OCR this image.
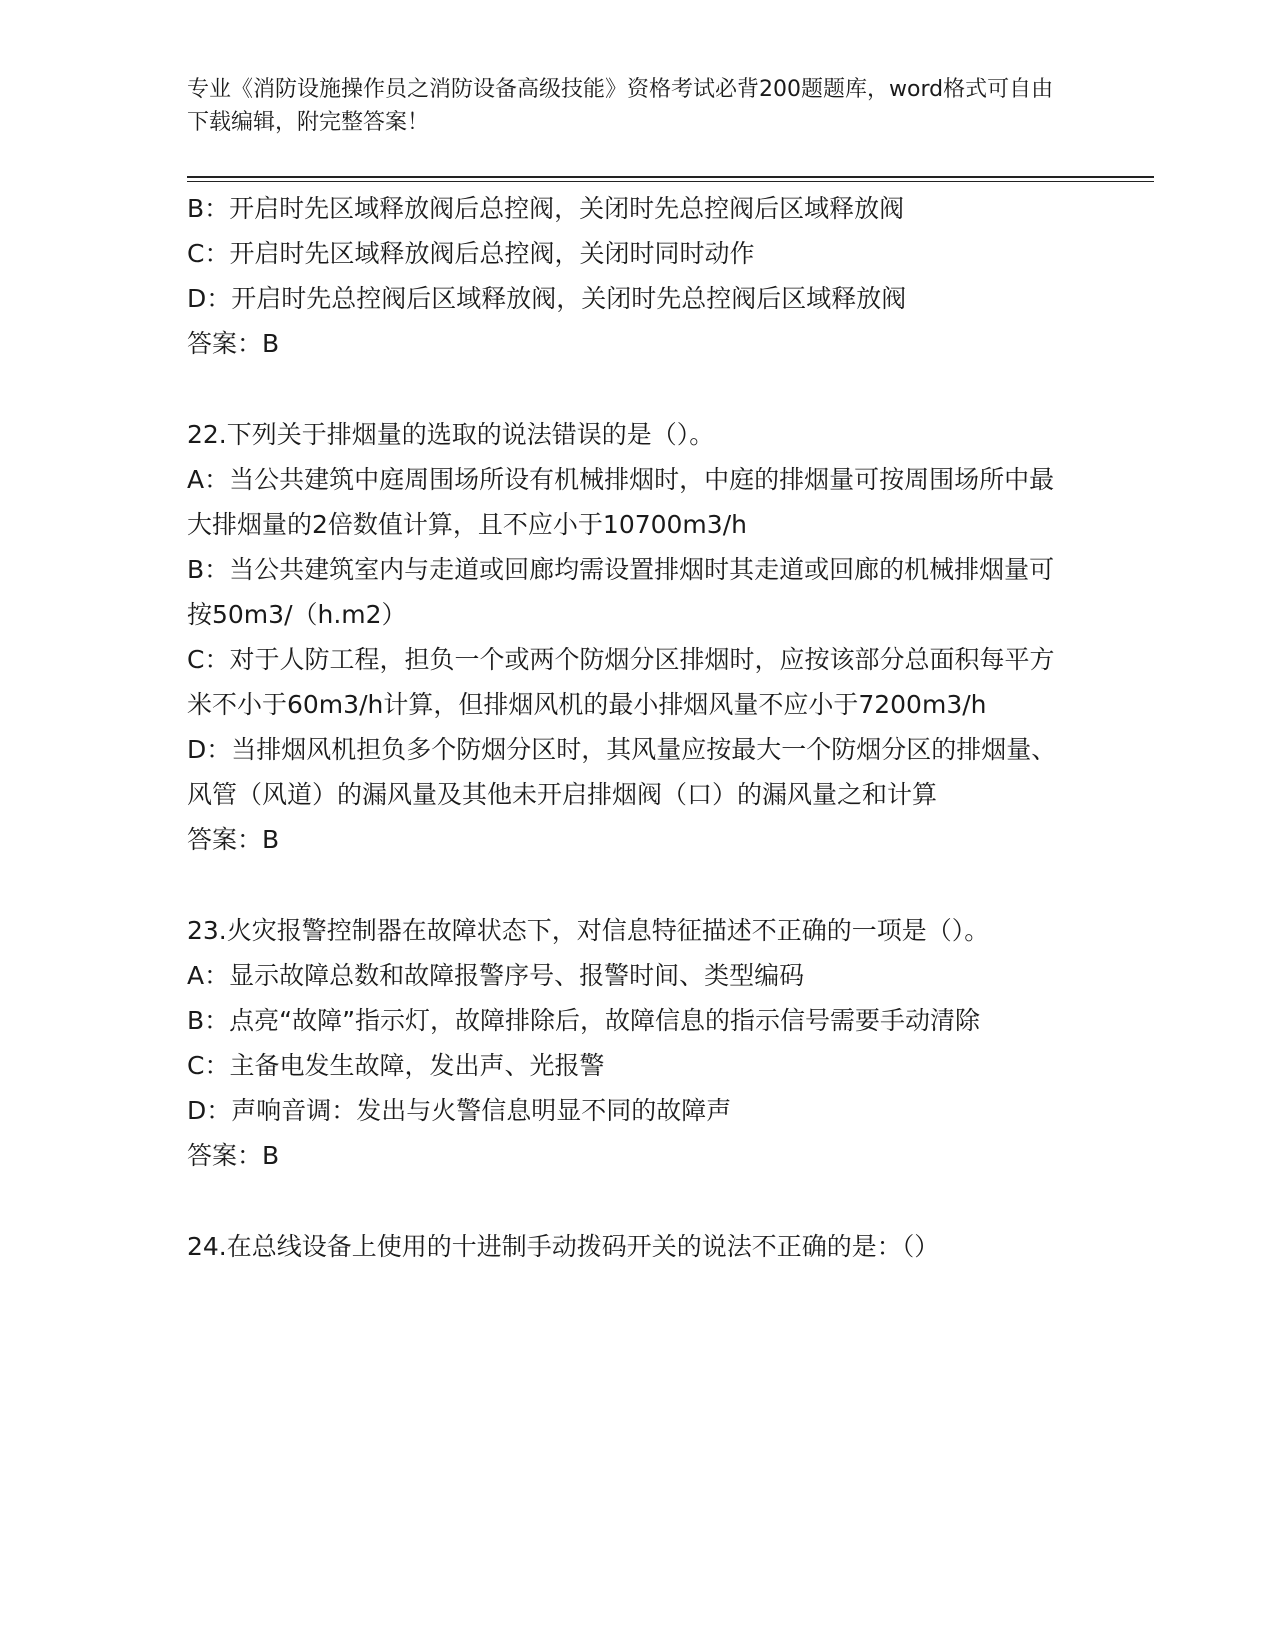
专业《消防设施操作员之消防设备高级技能》资格考试必背200题题库，word格式可自由下载编辑，附完整答案！

B：开启时先区域释放阀后总控阀，关闭时先总控阀后区域释放阀

C：开启时先区域释放阀后总控阀，关闭时同时动作

D：开启时先总控阀后区域释放阀，关闭时先总控阀后区域释放阀

答案：B

22.下列关于排烟量的选取的说法错误的是（）。

A：当公共建筑中庭周围场所设有机械排烟时，中庭的排烟量可按周围场所中最大排烟量的2倍数值计算，且不应小于10700m3/h

B：当公共建筑室内与走道或回廊均需设置排烟时其走道或回廊的机械排烟量可按50m3/（h.m2）

C：对于人防工程，担负一个或两个防烟分区排烟时，应按该部分总面积每平方米不小于60m3/h计算，但排烟风机的最小排烟风量不应小于7200m3/h

D：当排烟风机担负多个防烟分区时，其风量应按最大一个防烟分区的排烟量、风管（风道）的漏风量及其他未开启排烟阀（口）的漏风量之和计算

答案：B

23.火灾报警控制器在故障状态下，对信息特征描述不正确的一项是（）。

A：显示故障总数和故障报警序号、报警时间、类型编码

B：点亮“故障”指示灯，故障排除后，故障信息的指示信号需要手动清除

C：主备电发生故障，发出声、光报警

D：声响音调：发出与火警信息明显不同的故障声

答案：B

24.在总线设备上使用的十进制手动拨码开关的说法不正确的是：（）
